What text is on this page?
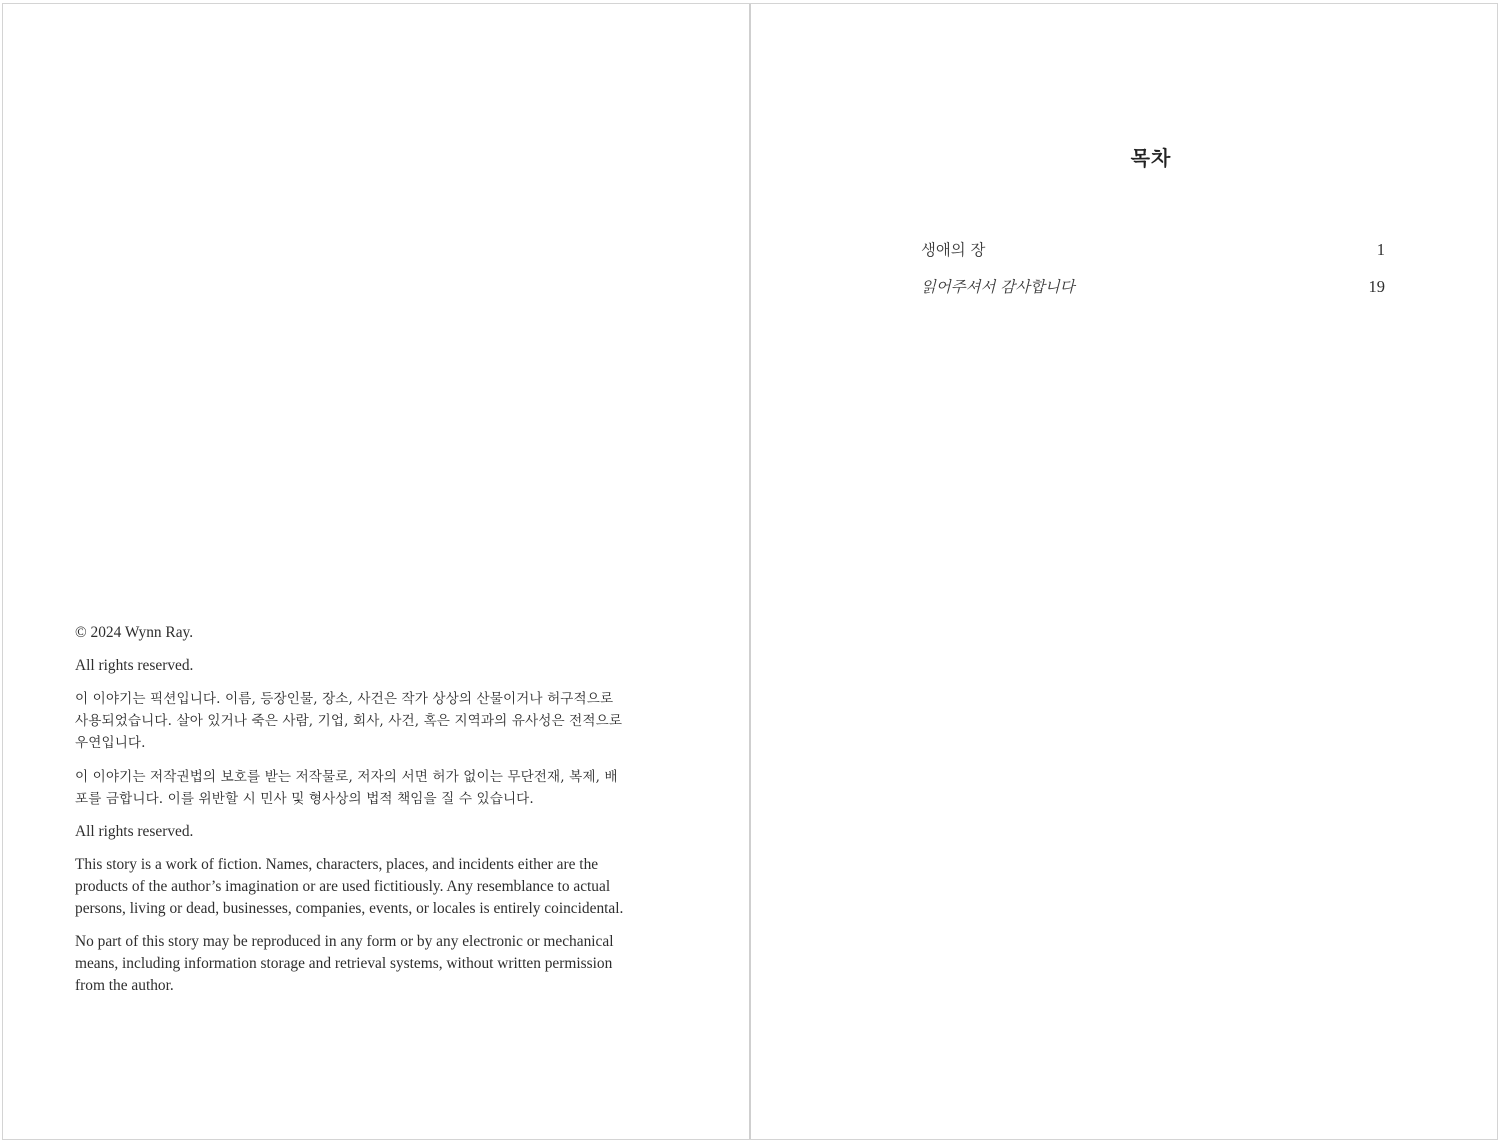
© 2024 Wynn Ray.

All rights reserved.

이 이야기는 픽션입니다. 이름, 등장인물, 장소, 사건은 작가 상상의 산물이거나 허구적으로 사용되었습니다. 살아 있거나 죽은 사람, 기업, 회사, 사건, 혹은 지역과의 유사성은 전적으로 우연입니다.

이 이야기는 저작권법의 보호를 받는 저작물로, 저자의 서면 허가 없이는 무단전재, 복제, 배포를 금합니다. 이를 위반할 시 민사 및 형사상의 법적 책임을 질 수 있습니다.

All rights reserved.

This story is a work of fiction. Names, characters, places, and incidents either are the products of the author’s imagination or are used fictitiously. Any resemblance to actual persons, living or dead, businesses, companies, events, or locales is entirely coincidental.

No part of this story may be reproduced in any form or by any electronic or mechanical means, including information storage and retrieval systems, without written permission from the author.

목차
생애의 장	1
읽어주셔서 감사합니다	19
